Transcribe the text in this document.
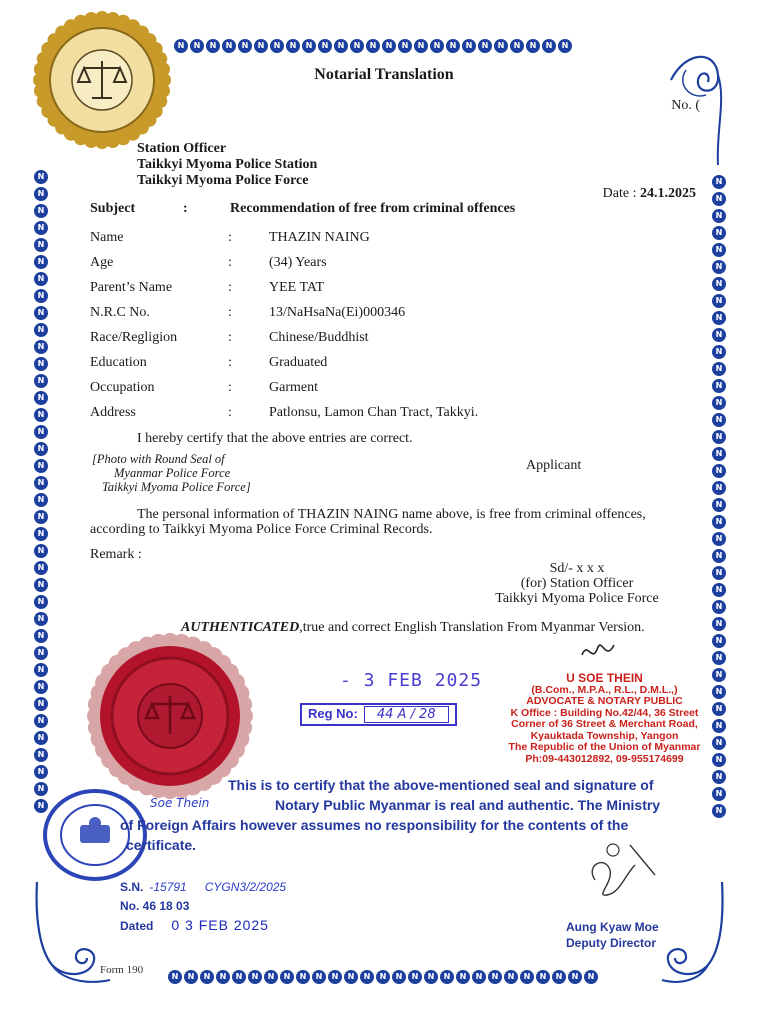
N	N	N	N	N	N	N	N	N	N	N	N	N	N	N	N	N	N	N	N	N	N	N	N	N
N	N	N	N	N	N	N	N	N	N	N	N	N	N	N	N	N	N	N	N	N	N	N	N	N	N	N
N
N
N
N
N
N
N
N
N
N
N
N
N
N
N
N
N
N
N
N
N
N
N
N
N
N
N
N
N
N
N
N
N
N
N
N
N
N
N
N
N
N
N
N
N
N
N
N
N
N
N
N
N
N
N
N
N
N
N
N
N
N
N
N
N
N
N
N
N
N
N
N
N
N
N
N
Notarial Translation
No. (
Station Officer
Taikkyi Myoma Police Station
Taikkyi Myoma Police Force
Date : 24.1.2025
Subject	:	Recommendation of free from criminal offences
Name	:	THAZIN NAING
Age	:	(34) Years
Parent’s Name	:	YEE TAT
N.R.C No.	:	13/NaHsaNa(Ei)000346
Race/Regligion	:	Chinese/Buddhist
Education	:	Graduated
Occupation	:	Garment
Address	:	Patlonsu, Lamon Chan Tract, Takkyi.
I hereby certify that the above entries are correct.
[Photo with Round Seal of
Myanmar Police Force
Taikkyi Myoma Police Force]
Applicant
The personal information of THAZIN NAING name above, is free from criminal offences, according to Taikkyi Myoma Police Force Criminal Records.
Remark :
Sd/- x x x
(for) Station Officer
Taikkyi Myoma Police Force
AUTHENTICATED,true and correct English Translation From Myanmar Version.
- 3 FEB 2025
Reg No: 44 A / 28
U SOE THEIN
(B.Com., M.P.A., R.L., D.M.L.,)
ADVOCATE & NOTARY PUBLIC
K Office : Building No.42/44, 36 Street
Corner of 36 Street & Merchant Road,
Kyauktada Township, Yangon
The Republic of the Union of Myanmar
Ph:09-443012892, 09-955174699
This is to certify that the above-mentioned seal and signature of
Notary Public Myanmar is real and authentic. The Ministry
of Foreign Affairs however assumes no responsibility for the contents of the
certificate.
Soe Thein
S.N. -15791 CYGN3/2/2025
No. 46 18 03
Dated 0 3 FEB 2025	Aung Kyaw Moe
Deputy Director
Form 190
